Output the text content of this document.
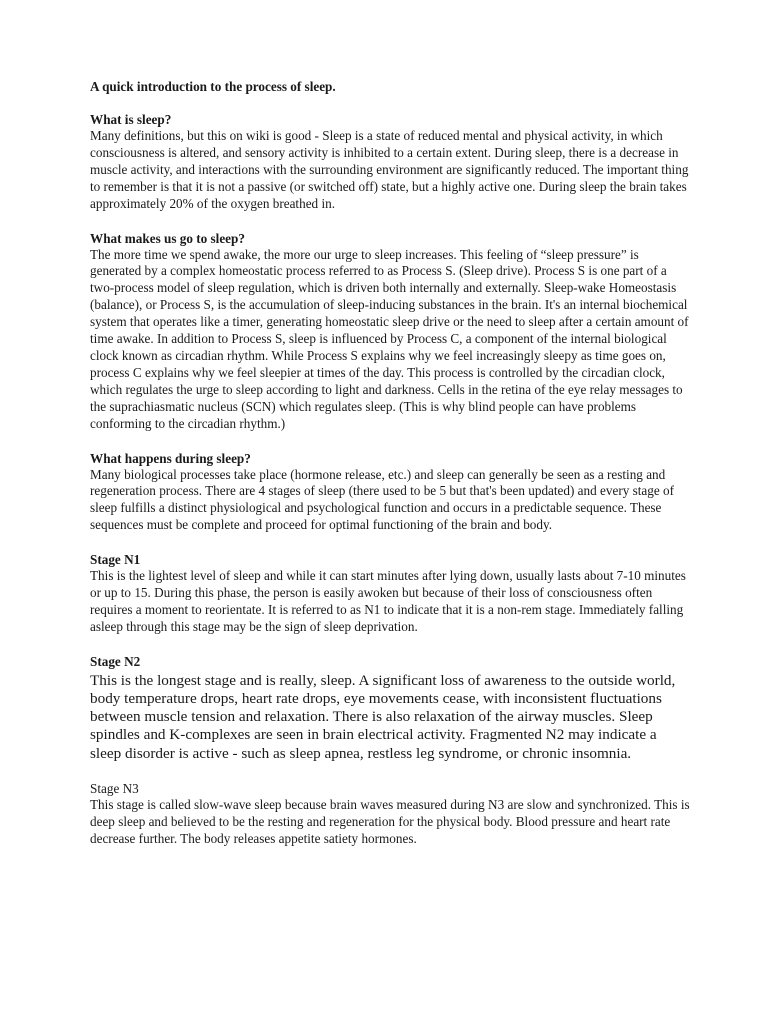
A quick introduction to the process of sleep.

What is sleep?

Many definitions, but this on wiki is good - Sleep is a state of reduced mental and physical activity, in which consciousness is altered, and sensory activity is inhibited to a certain extent. During sleep, there is a decrease in muscle activity, and interactions with the surrounding environment are significantly reduced. The important thing to remember is that it is not a passive (or switched off) state, but a highly active one. During sleep the brain takes approximately 20% of the oxygen breathed in.

What makes us go to sleep?

The more time we spend awake, the more our urge to sleep increases. This feeling of “sleep pressure” is generated by a complex homeostatic process referred to as Process S. (Sleep drive). Process S is one part of a two-process model of sleep regulation, which is driven both internally and externally. Sleep-wake Homeostasis (balance), or Process S, is the accumulation of sleep-inducing substances in the brain. It's an internal biochemical system that operates like a timer, generating homeostatic sleep drive or the need to sleep after a certain amount of time awake. In addition to Process S, sleep is influenced by Process C, a component of the internal biological clock known as circadian rhythm. While Process S explains why we feel increasingly sleepy as time goes on, process C explains why we feel sleepier at times of the day. This process is controlled by the circadian clock, which regulates the urge to sleep according to light and darkness. Cells in the retina of the eye relay messages to the suprachiasmatic nucleus (SCN) which regulates sleep. (This is why blind people can have problems conforming to the circadian rhythm.)

What happens during sleep?

Many biological processes take place (hormone release, etc.) and sleep can generally be seen as a resting and regeneration process. There are 4 stages of sleep (there used to be 5 but that's been updated) and every stage of sleep fulfills a distinct physiological and psychological function and occurs in a predictable sequence. These sequences must be complete and proceed for optimal functioning of the brain and body.

Stage N1

This is the lightest level of sleep and while it can start minutes after lying down, usually lasts about 7-10 minutes or up to 15. During this phase, the person is easily awoken but because of their loss of consciousness often requires a moment to reorientate. It is referred to as N1 to indicate that it is a non-rem stage. Immediately falling asleep through this stage may be the sign of sleep deprivation.

Stage N2

This is the longest stage and is really, sleep. A significant loss of awareness to the outside world, body temperature drops, heart rate drops, eye movements cease, with inconsistent fluctuations between muscle tension and relaxation. There is also relaxation of the airway muscles. Sleep spindles and K-complexes are seen in brain electrical activity. Fragmented N2 may indicate a sleep disorder is active - such as sleep apnea, restless leg syndrome, or chronic insomnia.

Stage N3

This stage is called slow-wave sleep because brain waves measured during N3 are slow and synchronized. This is deep sleep and believed to be the resting and regeneration for the physical body. Blood pressure and heart rate decrease further. The body releases appetite satiety hormones.
